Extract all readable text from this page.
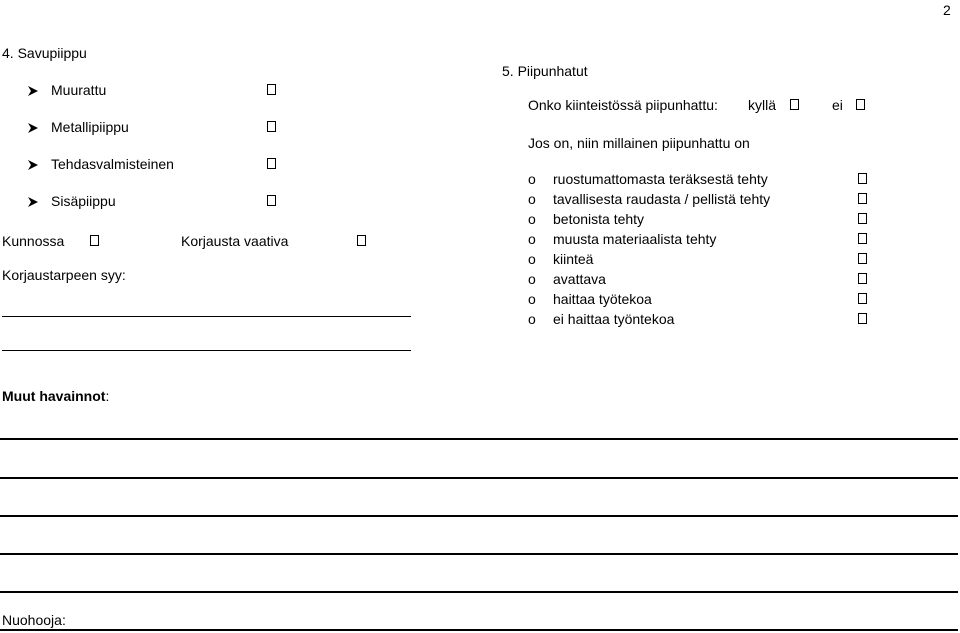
2
4. Savupiippu
Muurattu
Metallipiippu
Tehdasvalmisteinen
Sisäpiippu
Kunnossa	Korjausta vaativa
Korjaustarpeen syy:
5. Piipunhatut
Onko kiinteistössä piipunhattu: kyllä	ei
Jos on, niin millainen piipunhattu on
o ruostumattomasta teräksestä tehty
o tavallisesta raudasta / pellistä tehty
o betonista tehty
o muusta materiaalista tehty
o kiinteä
o avattava
o haittaa työtekoa
o ei haittaa työntekoa
Muut havainnot:
Nuohooja:
